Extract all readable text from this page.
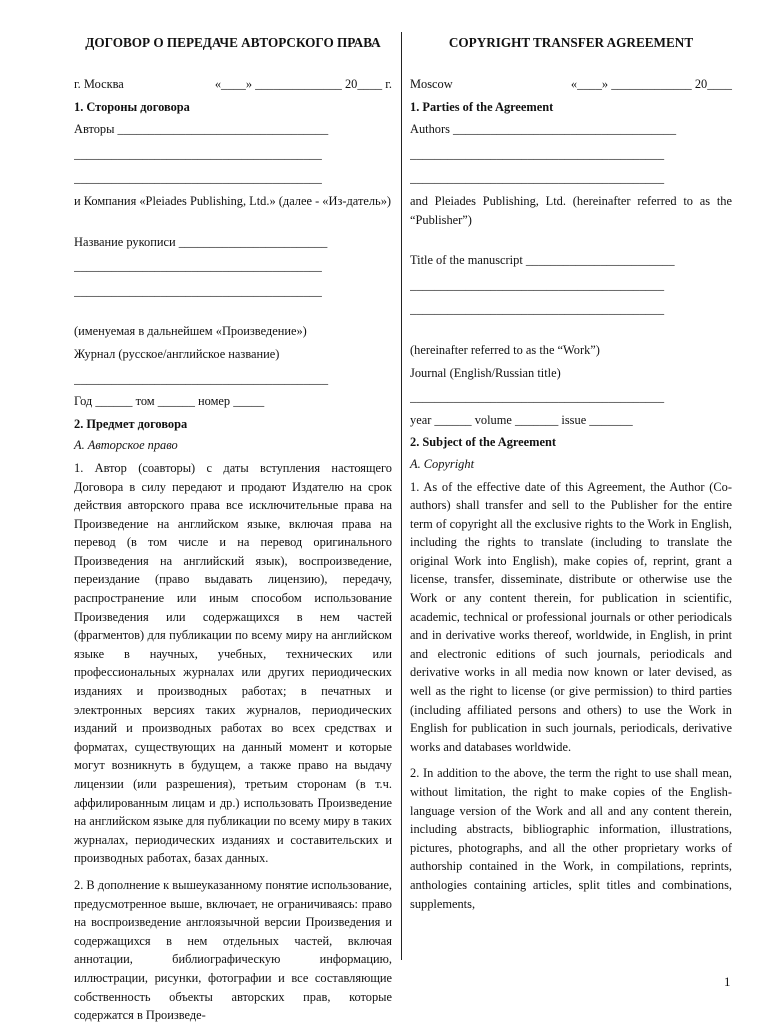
ДОГОВОР О ПЕРЕДАЧЕ АВТОРСКОГО ПРАВА

г. Москва	«____» ______________ 20____ г.
1. Стороны договора
Авторы __________________________________
________________________________________
________________________________________
и Компания «Pleiades Publishing, Ltd.» (далее - «Из-датель»)
Название рукописи ________________________
________________________________________
________________________________________
(именуемая в дальнейшем «Произведение»)
Журнал (русское/английское название)
_________________________________________
Год ______ том ______ номер _____
2. Предмет договора
А. Авторское право
1. Автор (соавторы) с даты вступления настоящего Договора в силу передают и продают Издателю на срок действия авторского права все исключительные права на Произведение на английском языке, включая права на перевод (в том числе и на перевод оригинального Произведения на английский язык), воспроизведение, переиздание (право выдавать лицензию), передачу, распространение или иным способом использование Произведения или содержащихся в нем частей (фрагментов) для публикации по всему миру на английском языке в научных, учебных, технических или профессиональных журналах или других периодических изданиях и производных работах; в печатных и электронных версиях таких журналов, периодических изданий и производных работах во всех средствах и форматах, существующих на данный момент и которые могут возникнуть в будущем, а также право на выдачу лицензии (или разрешения), третьим сторонам (в т.ч. аффилированным лицам и др.) использовать Произведение на английском языке для публикации по всему миру в таких журналах, периодических изданиях и составительских и производных работах, базах данных.
2. В дополнение к вышеуказанному понятие использование, предусмотренное выше, включает, не ограничиваясь: право на воспроизведение англоязычной версии Произведения и содержащихся в нем отдельных частей, включая аннотации, библиографическую информацию, иллюстрации, рисунки, фотографии и все составляющие собственность объекты авторских прав, которые содержатся в Произведе-

COPYRIGHT TRANSFER AGREEMENT

Moscow	«____» _____________ 20____
1. Parties of the Agreement
Authors ____________________________________
_________________________________________
_________________________________________
and Pleiades Publishing, Ltd. (hereinafter referred to as the “Publisher”)
Title of the manuscript ________________________
_________________________________________
_________________________________________
(hereinafter referred to as the “Work”)
Journal (English/Russian title)
_________________________________________
year ______ volume _______ issue _______
2. Subject of the Agreement
A. Copyright
1. As of the effective date of this Agreement, the Author (Co-authors) shall transfer and sell to the Publisher for the entire term of copyright all the exclusive rights to the Work in English, including the rights to translate (including to translate the original Work into English), make copies of, reprint, grant a license, transfer, disseminate, distribute or otherwise use the Work or any content therein, for publication in scientific, academic, technical or professional journals or other periodicals and in derivative works thereof, worldwide, in English, in print and electronic editions of such journals, periodicals and derivative works in all media now known or later devised, as well as the right to license (or give permission) to third parties (including affiliated persons and others) to use the Work in English for publication in such journals, periodicals, derivative works and databases worldwide.
2. In addition to the above, the term the right to use shall mean, without limitation, the right to make copies of the English-language version of the Work and all and any content therein, including abstracts, bibliographic information, illustrations, pictures, photographs, and all the other proprietary works of authorship contained in the Work, in compilations, reprints, anthologies containing articles, split titles and combinations, supplements,
1
